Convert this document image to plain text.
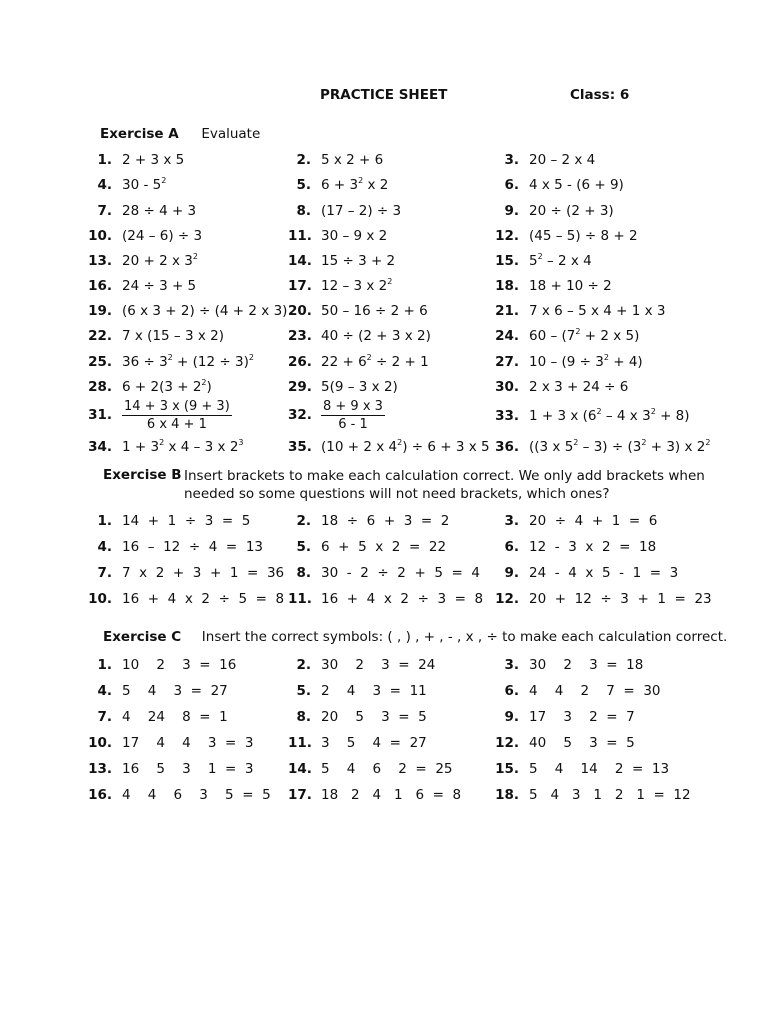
PRACTICE SHEET	Class: 6
Exercise A Evaluate
1. 2 + 3 x 5	2. 5 x 2 + 6	3. 20 – 2 x 4
4. $30 - 5^2$	5. $6 + 3^2$ x 2	6. 4 x 5 - (6 + 9)
7. 28 ÷ 4 + 3	8. (17 – 2) ÷ 3	9. 20 ÷ (2 + 3)
10. (24 – 6) ÷ 3	11. 30 – 9 x 2	12. (45 – 5) ÷ 8 + 2
13. 20 + 2 x $3^2$	14. 15 ÷ 3 + 2	15. $5^2 - 2$ x 4
16. 24 ÷ 3 + 5	17. 12 – 3 x $2^2$	18. 18 + 10 ÷ 2
19. (6 x 3 + 2) ÷ (4 + 2 x 3) 20. 50 – 16 ÷ 2 + 6	21. 7 x 6 – 5 x 4 + 1 x 3
22. 7 x (15 – 3 x 2)	23. 40 ÷ (2 + 3 x 2)	24. $60 - (7^2 + 2$ x 5)
25. $36 \div 3^2 + (12 \div 3)^2$	26. $22 + 6^2 \div 2 + 1$	27. $10 - (9 \div 3^2 + 4)$
28. $6 + 2(3 + 2^2)$	29. 5(9 – 3 x 2)	30. 2 x 3 + 24 ÷ 6
31. $\frac{14 + 3 x (9 + 3)}{6 x 4 + 1}$	32. $\frac{8 + 9 x 3}{6 - 1}$	33. 1 + 3 x ($6^2 - 4$ x $3^2 + 8$)
34. $1 + 3^2$ x 4 – 3 x $2^3$	35. (10 + 2 x $4^2) \div 6 + 3$ x 5 36. ((3 x $5^2 - 3) \div (3^2 + 3)$ x $2^2$
Exercise B Insert brackets to make each calculation correct. We only add brackets when
needed so some questions will not need brackets, which ones?
1. 14  +  1  ÷  3  =  5	2. 18  ÷  6  +  3  =  2	3. 20  ÷  4  +  1  =  6
4. 16  –  12  ÷  4  =  13	5. 6  +  5  x  2  =  22	6. 12  -  3  x  2  =  18
7. 7  x  2  +  3  +  1  =  36 8. 30  -  2  ÷  2  +  5  =  4	9. 24  -  4  x  5  -  1  =  3
10. 16  +  4  x  2  ÷  5  =  8 11. 16  +  4  x  2  ÷  3  =  8 12. 20  +  12  ÷  3  +  1  =  23
Exercise C Insert the correct symbols: ( , ) , + , - , x , ÷ to make each calculation correct.
1. 10    2    3  =  16	2. 30    2    3  =  24	3. 30    2    3  =  18
4. 5    4    3  =  27	5. 2    4    3  =  11	6. 4    4    2    7  =  30
7. 4    24    8  =  1	8. 20    5    3  =  5	9. 17    3    2  =  7
10. 17    4    4    3  =  3	11. 3    5    4  =  27	12. 40    5    3  =  5
13. 16    5    3    1  =  3	14. 5    4    6    2  =  25	15. 5    4    14    2  =  13
16. 4    4    6    3    5  =  5 17. 18   2   4   1   6  =  8	18. 5   4   3   1   2   1  =  12
